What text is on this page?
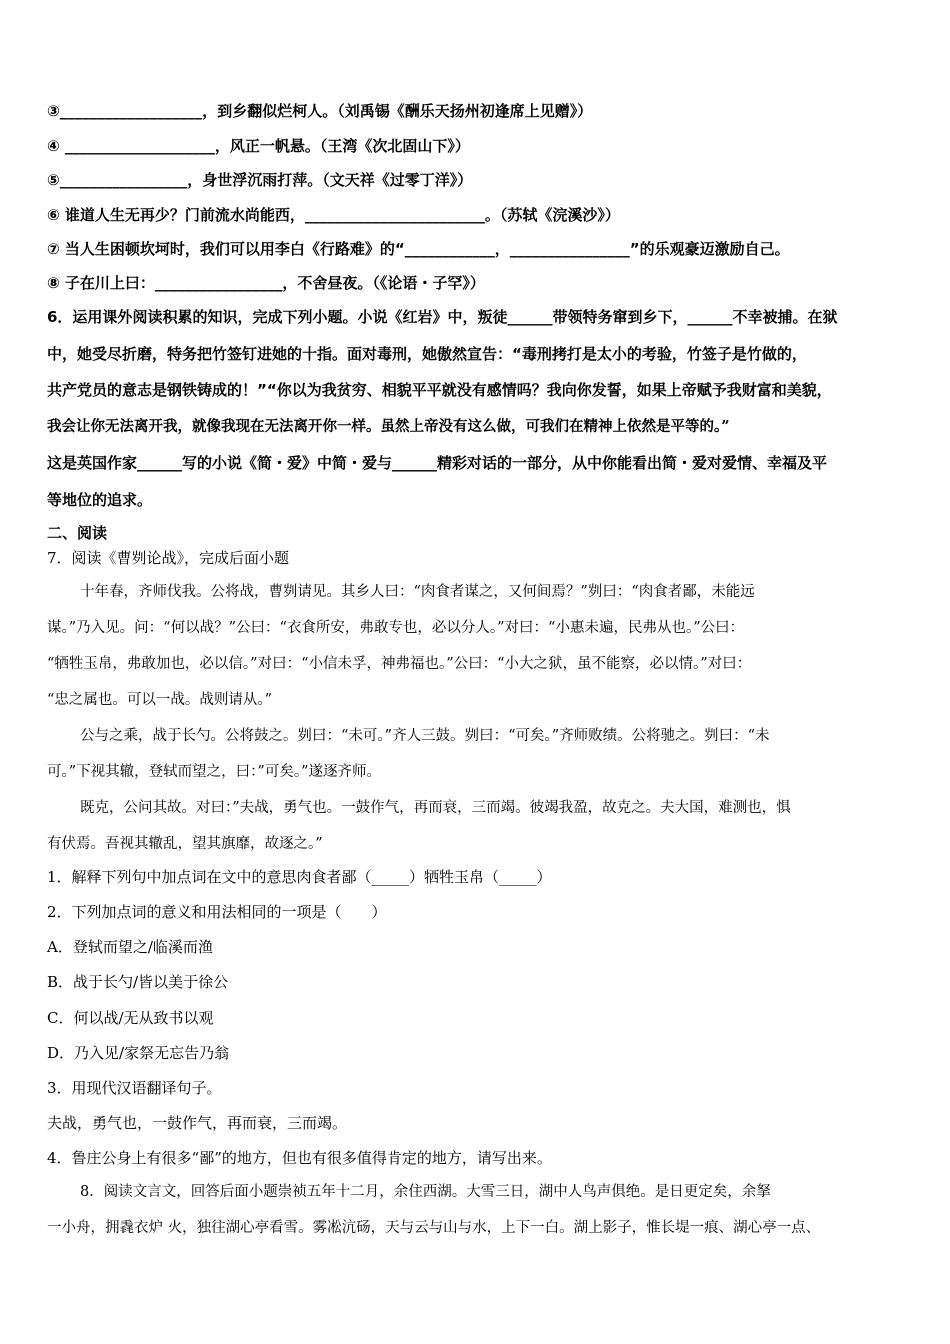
③___________________，到乡翻似烂柯人。（刘禹锡《酬乐天扬州初逢席上见赠》）
④ ____________________，风正一帆悬。（王湾《次北固山下》）
⑤_________________，身世浮沉雨打萍。（文天祥《过零丁洋》）
⑥ 谁道人生无再少？门前流水尚能西，________________________。（苏轼《浣溪沙》）
⑦ 当人生困顿坎坷时，我们可以用李白《行路难》的“____________，________________”的乐观豪迈激励自己。
⑧ 子在川上曰：_________________，不舍昼夜。（《论语・子罕》）
6．运用课外阅读积累的知识，完成下列小题。小说《红岩》中，叛徒______带领特务窜到乡下，______不幸被捕。在狱
中，她受尽折磨，特务把竹签钉进她的十指。面对毒刑，她傲然宣告：“毒刑拷打是太小的考验，竹签子是竹做的，
共产党员的意志是钢铁铸成的！”“你以为我贫穷、相貌平平就没有感情吗？我向你发誓，如果上帝赋予我财富和美貌，
我会让你无法离开我，就像我现在无法离开你一样。虽然上帝没有这么做，可我们在精神上依然是平等的。”
这是英国作家______写的小说《简・爱》中简・爱与______精彩对话的一部分，从中你能看出简・爱对爱情、幸福及平
等地位的追求。
二、阅读
7．阅读《曹刿论战》，完成后面小题
十年春，齐师伐我。公将战，曹刿请见。其乡人曰：“肉食者谋之，又何间焉？”刿曰：“肉食者鄙，未能远
谋。”乃入见。问：“何以战？”公曰：“衣食所安，弗敢专也，必以分人。”对曰：“小惠未遍，民弗从也。”公曰：
“牺牲玉帛，弗敢加也，必以信。”对曰：“小信未孚，神弗福也。”公曰：“小大之狱，虽不能察，必以情。”对曰：
“忠之属也。可以一战。战则请从。”
公与之乘，战于长勺。公将鼓之。刿曰：“未可。”齐人三鼓。刿曰：“可矣。”齐师败绩。公将驰之。刿曰：“未
可。”下视其辙，登轼而望之，曰：”可矣。”遂逐齐师。
既克，公问其故。对曰：”夫战，勇气也。一鼓作气，再而衰，三而竭。彼竭我盈，故克之。夫大国，难测也，惧
有伏焉。吾视其辙乱，望其旗靡，故逐之。”
1．解释下列句中加点词在文中的意思肉食者鄙（_____）牺牲玉帛（_____）
2．下列加点词的意义和用法相同的一项是（　　）
A．登轼而望之/临溪而渔
B．战于长勺/皆以美于徐公
C．何以战/无从致书以观
D．乃入见/家祭无忘告乃翁
3．用现代汉语翻译句子。
夫战，勇气也，一鼓作气，再而衰，三而竭。
4．鲁庄公身上有很多“鄙”的地方，但也有很多值得肯定的地方，请写出来。
8．阅读文言文，回答后面小题崇祯五年十二月，余住西湖。大雪三日，湖中人鸟声俱绝。是日更定矣，余拏
一小舟，拥毳衣炉 火，独往湖心亭看雪。雾凇沆砀，天与云与山与水，上下一白。湖上影子，惟长堤一痕、湖心亭一点、
